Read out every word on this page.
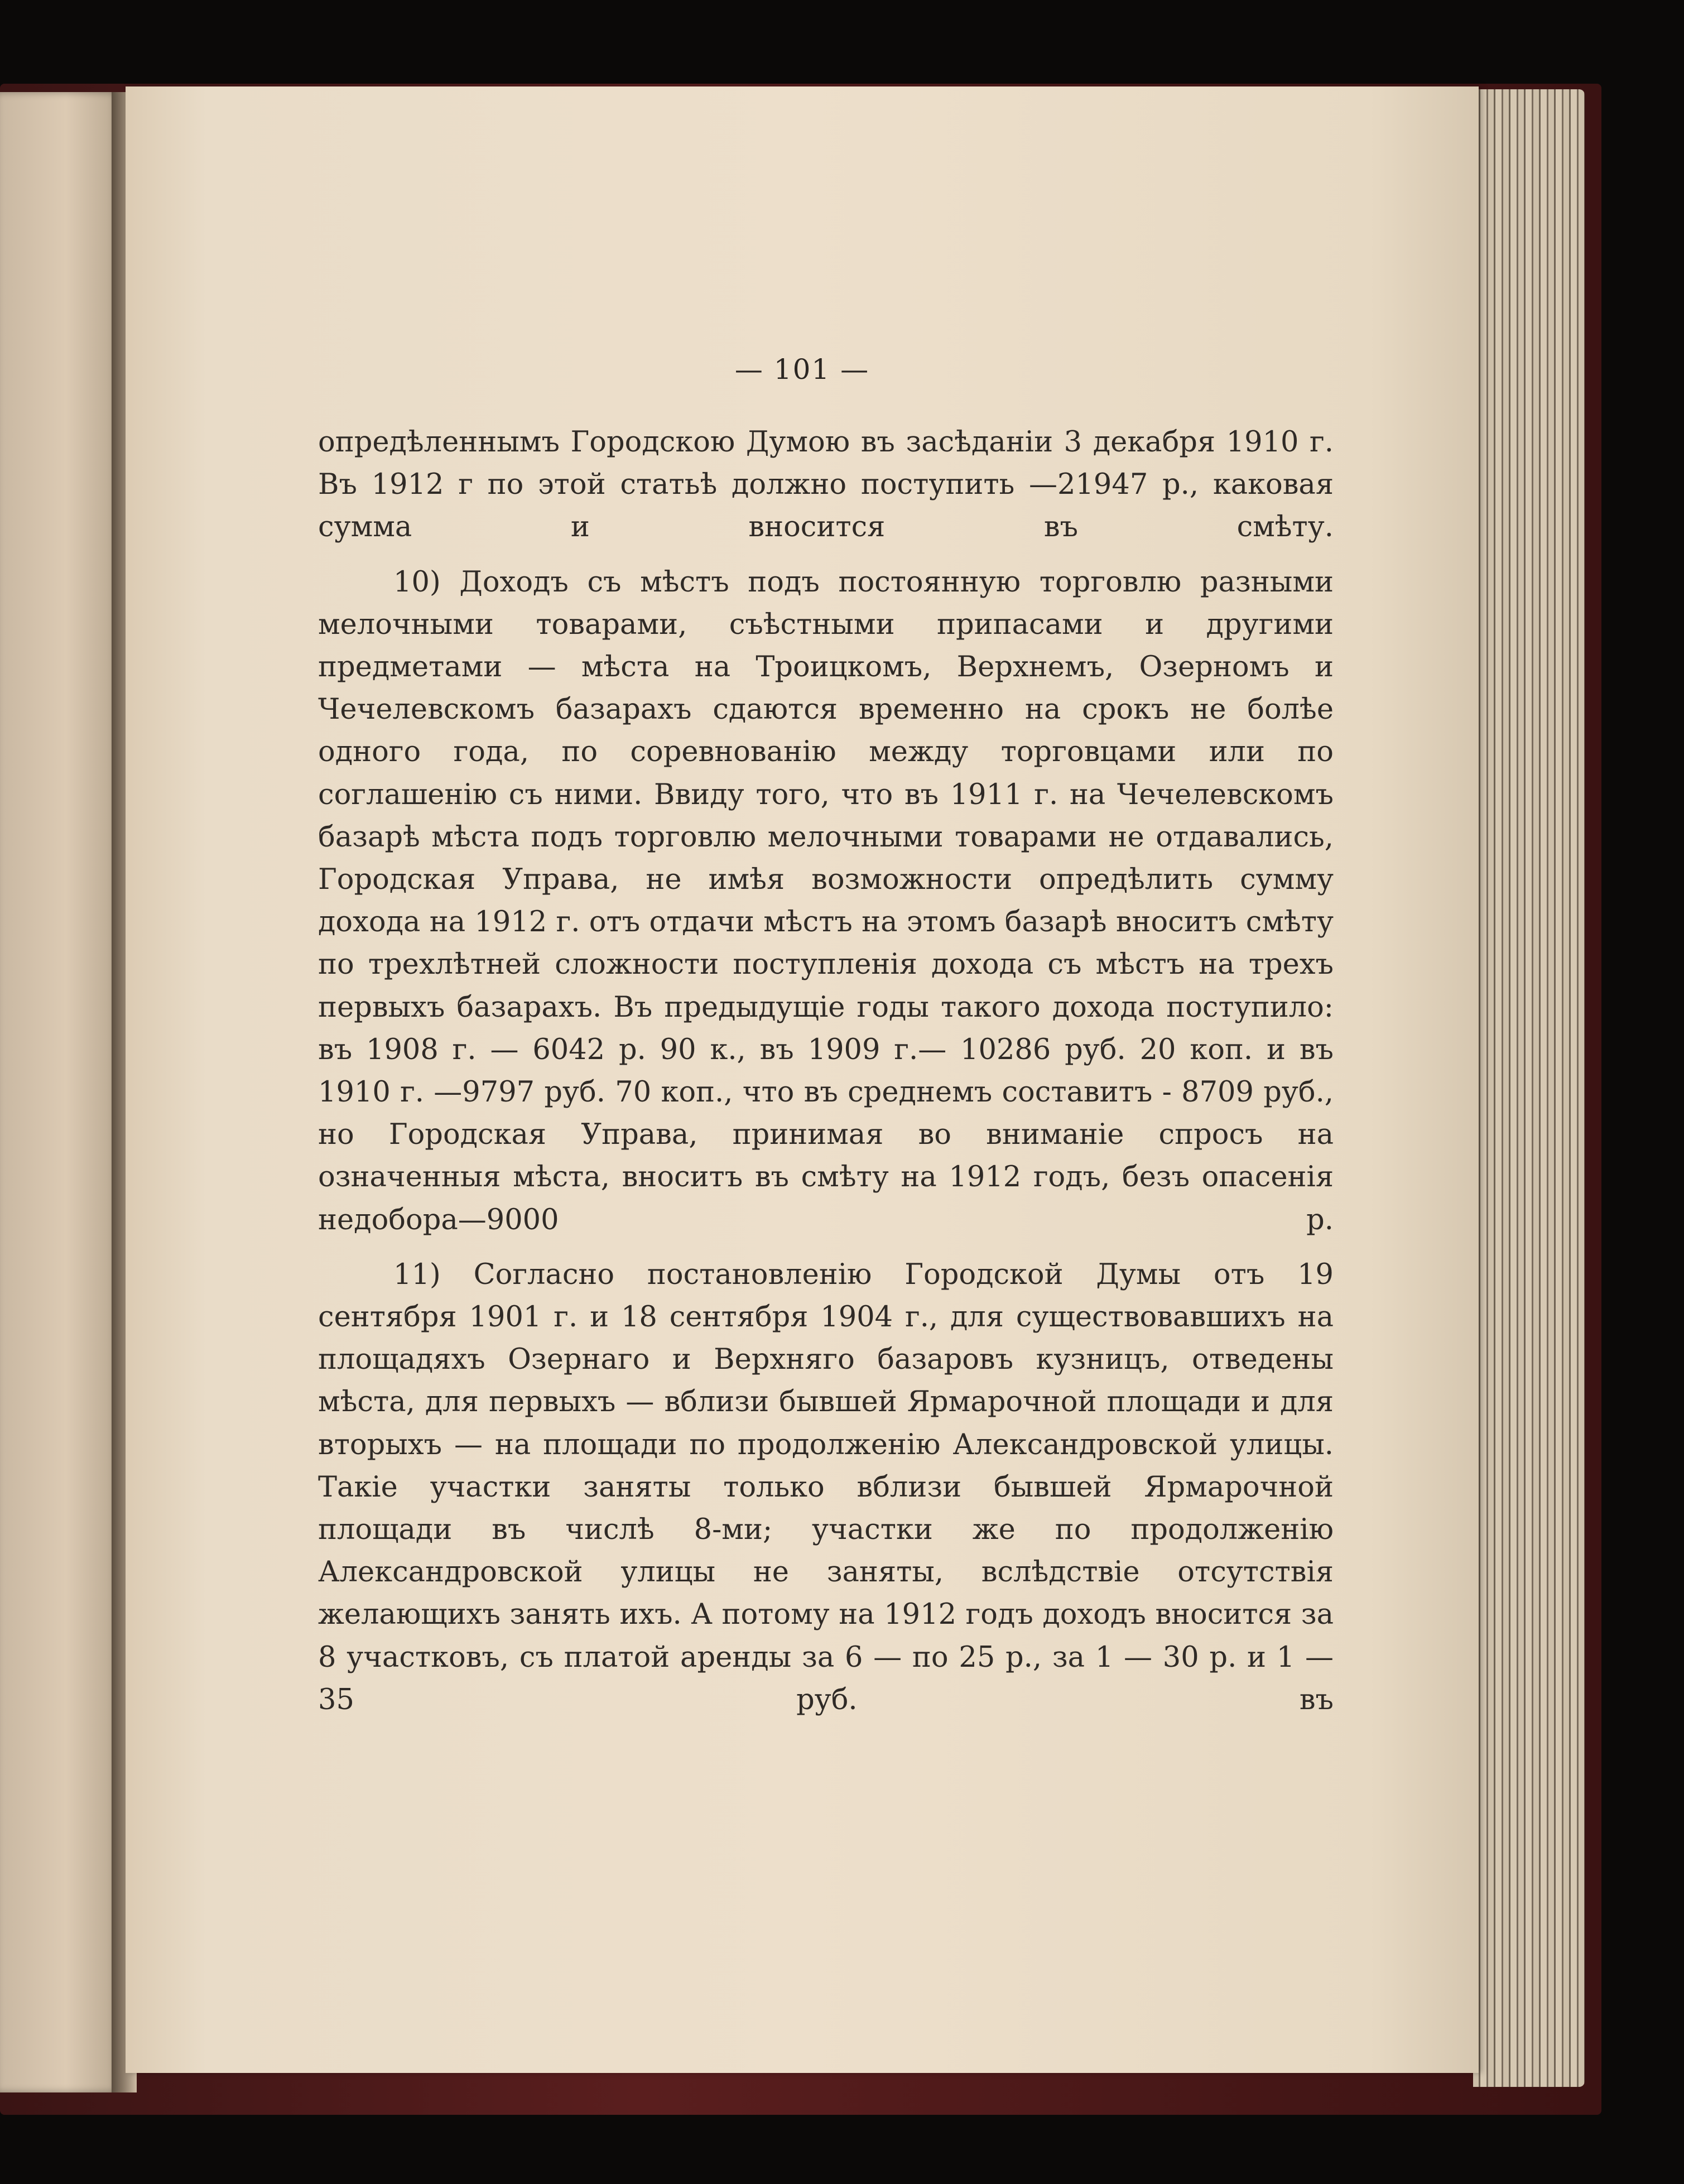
— 101 —

опредѣленнымъ Городскою Думою въ засѣданiи 3 декабря 1910 г. Въ 1912 г по этой статьѣ должно поступить —21947 р., каковая сумма и вносится въ смѣту.

10) Доходъ съ мѣстъ подъ постоянную торговлю разными мелочными товарами, съѣстными припасами и другими предметами — мѣста на Троицкомъ, Верхнемъ, Озерномъ и Чечелевскомъ базарахъ сдаются временно на срокъ не болѣе одного года, по соревнованiю между торговцами или по соглашенiю съ ними. Ввиду того, что въ 1911 г. на Чечелевскомъ базарѣ мѣста подъ торговлю мелочными товарами не отдавались, Городская Управа, не имѣя возможности опредѣлить сумму дохода на 1912 г. отъ отдачи мѣстъ на этомъ базарѣ вноситъ смѣту по трехлѣтней сложности поступленiя дохода съ мѣстъ на трехъ первыхъ базарахъ. Въ предыдущiе годы такого дохода поступило: въ 1908 г. — 6042 р. 90 к., въ 1909 г.— 10286 руб. 20 коп. и въ 1910 г. —9797 руб. 70 коп., что въ среднемъ составитъ - 8709 руб., но Городская Управа, принимая во вниманiе спросъ на означенныя мѣста, вноситъ въ смѣту на 1912 годъ, безъ опасенiя недобора—9000 р.

11) Согласно постановленiю Городской Думы отъ 19 сентября 1901 г. и 18 сентября 1904 г., для существовавшихъ на площадяхъ Озернаго и Верхняго базаровъ кузницъ, отведены мѣста, для первыхъ — вблизи бывшей Ярмарочной площади и для вторыхъ — на площади по продолженiю Александровской улицы. Такiе участки заняты только вблизи бывшей Ярмарочной площади въ числѣ 8-ми; участки же по продолженiю Александровской улицы не заняты, вслѣдствiе отсутствiя желающихъ занять ихъ. А потому на 1912 годъ доходъ вносится за 8 участковъ, съ платой аренды за 6 — по 25 р., за 1 — 30 р. и 1 — 35 руб. въ
